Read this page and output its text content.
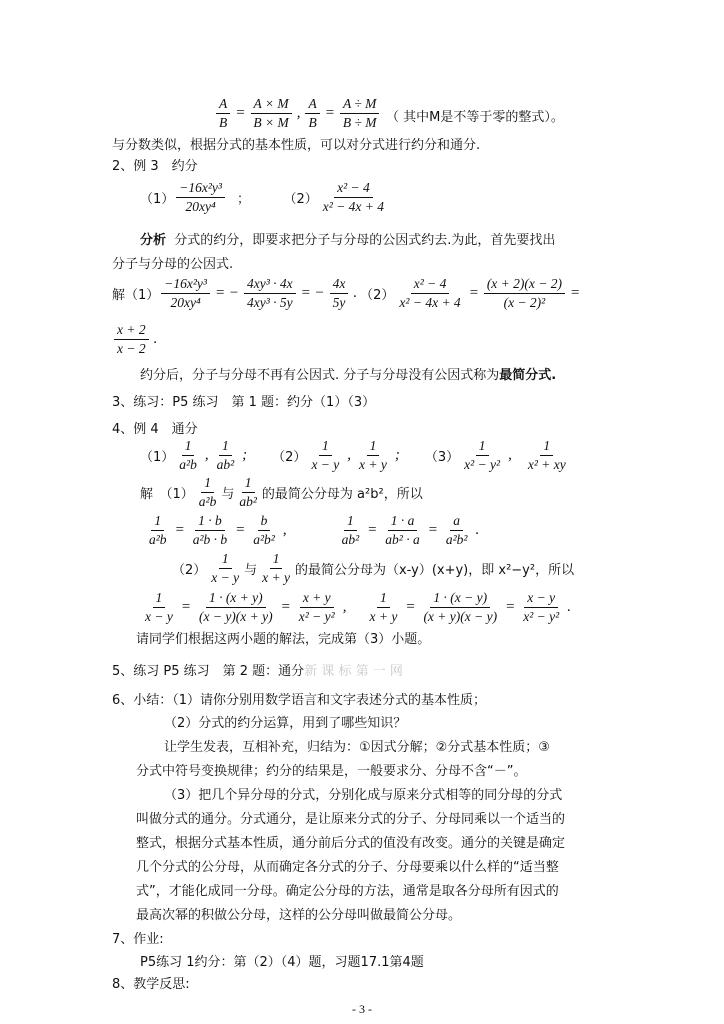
$\frac{A}{B} = \frac{A \times M}{B \times M}$ , $\frac{A}{B} = \frac{A \div M}{B \div M}$ （ 其中M是不等于零的整式）。
与分数类似，根据分式的基本性质，可以对分式进行约分和通分.
2、例 3　约分
$(1) \frac{\text{−16x²y³}}{\text{20xy⁴}}$ ；	$(2) \frac{\text{x² − 4}}{\text{x² − 4x + 4}}$
分析 分式的约分，即要求把分子与分母的公因式约去.为此，首先要找出
分子与分母的公因式.
解$(1) \frac{\text{−16x²y³}}{\text{20xy⁴}}$ = − $\frac{\text{4xy³ · 4x}}{\text{4xy³ · 5y}}$ = − $\frac{4x}{5y}$ . $(2) \frac{\text{x² − 4}}{\text{x² − 4x + 4}} = \frac{(x + 2)(x - 2)}{\text{(x − 2)²}}$ =
$\frac{x + 2}{x - 2}$ .
约分后，分子与分母不再有公因式. 分子与分母没有公因式称为最简分式.
3、练习：P5 练习　第 1 题：约分（1）（3）
4、例 4　通分
$(1) \frac{1}{\text{a²b}}$ , $\frac{1}{\text{ab²}}$ ; $(2) \frac{1}{x - y}$ , $\frac{1}{x + y}$ ; $(3) \frac{1}{\text{x² − y²}}$ , $\frac{1}{\text{x² + xy}}$
解　$(1) \frac{1}{\text{a²b}}$ 与 $\frac{1}{\text{ab²}}$ 的最简公分母为 a²b²，所以
$\frac{1}{\text{a²b}} = \frac{1 \cdot b}{\text{a²b · b}} = \frac{b}{\text{a²b²}}$ ,	$\frac{1}{\text{ab²}} = \frac{1 \cdot a}{\text{ab² · a}} = \frac{a}{\text{a²b²}}$ .
$(2) \frac{1}{x - y}$ 与 $\frac{1}{x + y}$ 的最简公分母为（x-y）(x+y)，即 x²−y²，所以
$\frac{1}{x - y} = \frac{1 \cdot (x + y)}{(x - y)(x + y)} = \frac{x + y}{\text{x² − y²}}$ , $\frac{1}{x + y} = \frac{1 \cdot (x - y)}{(x + y)(x - y)} = \frac{x - y}{\text{x² − y²}}$ .
请同学们根据这两小题的解法，完成第（3）小题。
5、练习 P5 练习　第 2 题：通分新 课 标 第 一 网
6、小结：（1）请你分别用数学语言和文字表述分式的基本性质；
（2）分式的约分运算，用到了哪些知识？
让学生发表，互相补充，归结为：①因式分解；②分式基本性质；③
分式中符号变换规律；约分的结果是，一般要求分、分母不含“－”。
（3）把几个异分母的分式，分别化成与原来分式相等的同分母的分式
叫做分式的通分。分式通分，是让原来分式的分子、分母同乘以一个适当的
整式，根据分式基本性质，通分前后分式的值没有改变。通分的关键是确定
几个分式的公分母，从而确定各分式的分子、分母要乘以什么样的“适当整
式”，才能化成同一分母。确定公分母的方法，通常是取各分母所有因式的
最高次幂的积做公分母，这样的公分母叫做最简公分母。
7、作业:
P5练习 1约分：第（2）（4）题，习题17.1第4题
8、教学反思:
- 3 -
